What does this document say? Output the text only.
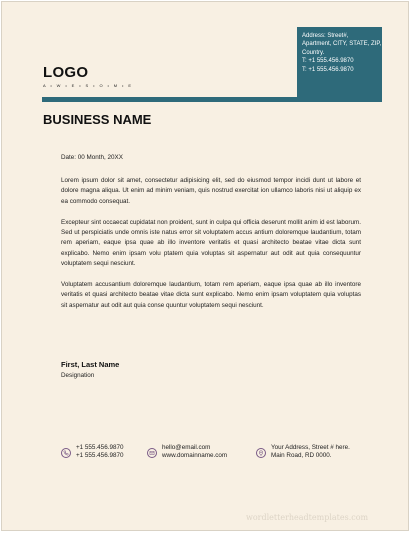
Address: Street#,
Apartment, CITY, STATE, ZIP,
Country.
T: +1 555.456.9870
T: +1 555.456.9870
LOGO
A • W • E • S • O • M • E
BUSINESS NAME
Date: 00 Month, 20XX

Lorem ipsum dolor sit amet, consectetur adipisicing elit, sed do eiusmod tempor incidi dunt ut labore et dolore magna aliqua. Ut enim ad minim veniam, quis nostrud exercitat ion ullamco laboris nisi ut aliquip ex ea commodo consequat.

Excepteur sint occaecat cupidatat non proident, sunt in culpa qui officia deserunt mollit anim id est laborum. Sed ut perspiciatis unde omnis iste natus error sit voluptatem accus antium doloremque laudantium, totam rem aperiam, eaque ipsa quae ab illo inventore veritatis et quasi architecto beatae vitae dicta sunt explicabo. Nemo enim ipsam volu ptatem quia voluptas sit aspernatur aut odit aut quia consequuntur voluptatem sequi nesciunt.

Voluptatem accusantium doloremque laudantium, totam rem aperiam, eaque ipsa quae ab illo inventore veritatis et quasi architecto beatae vitae dicta sunt explicabo. Nemo enim ipsam voluptatem quia voluptas sit aspernatur aut odit aut quia conse quuntur voluptatem sequi nesciunt.

First, Last Name
Designation
+1 555.456.9870
+1 555.456.9870
hello@email.com
www.domainname.com
Your Address, Street # here.
Main Road, RD 0000.
wordletterheadtemplates.com
